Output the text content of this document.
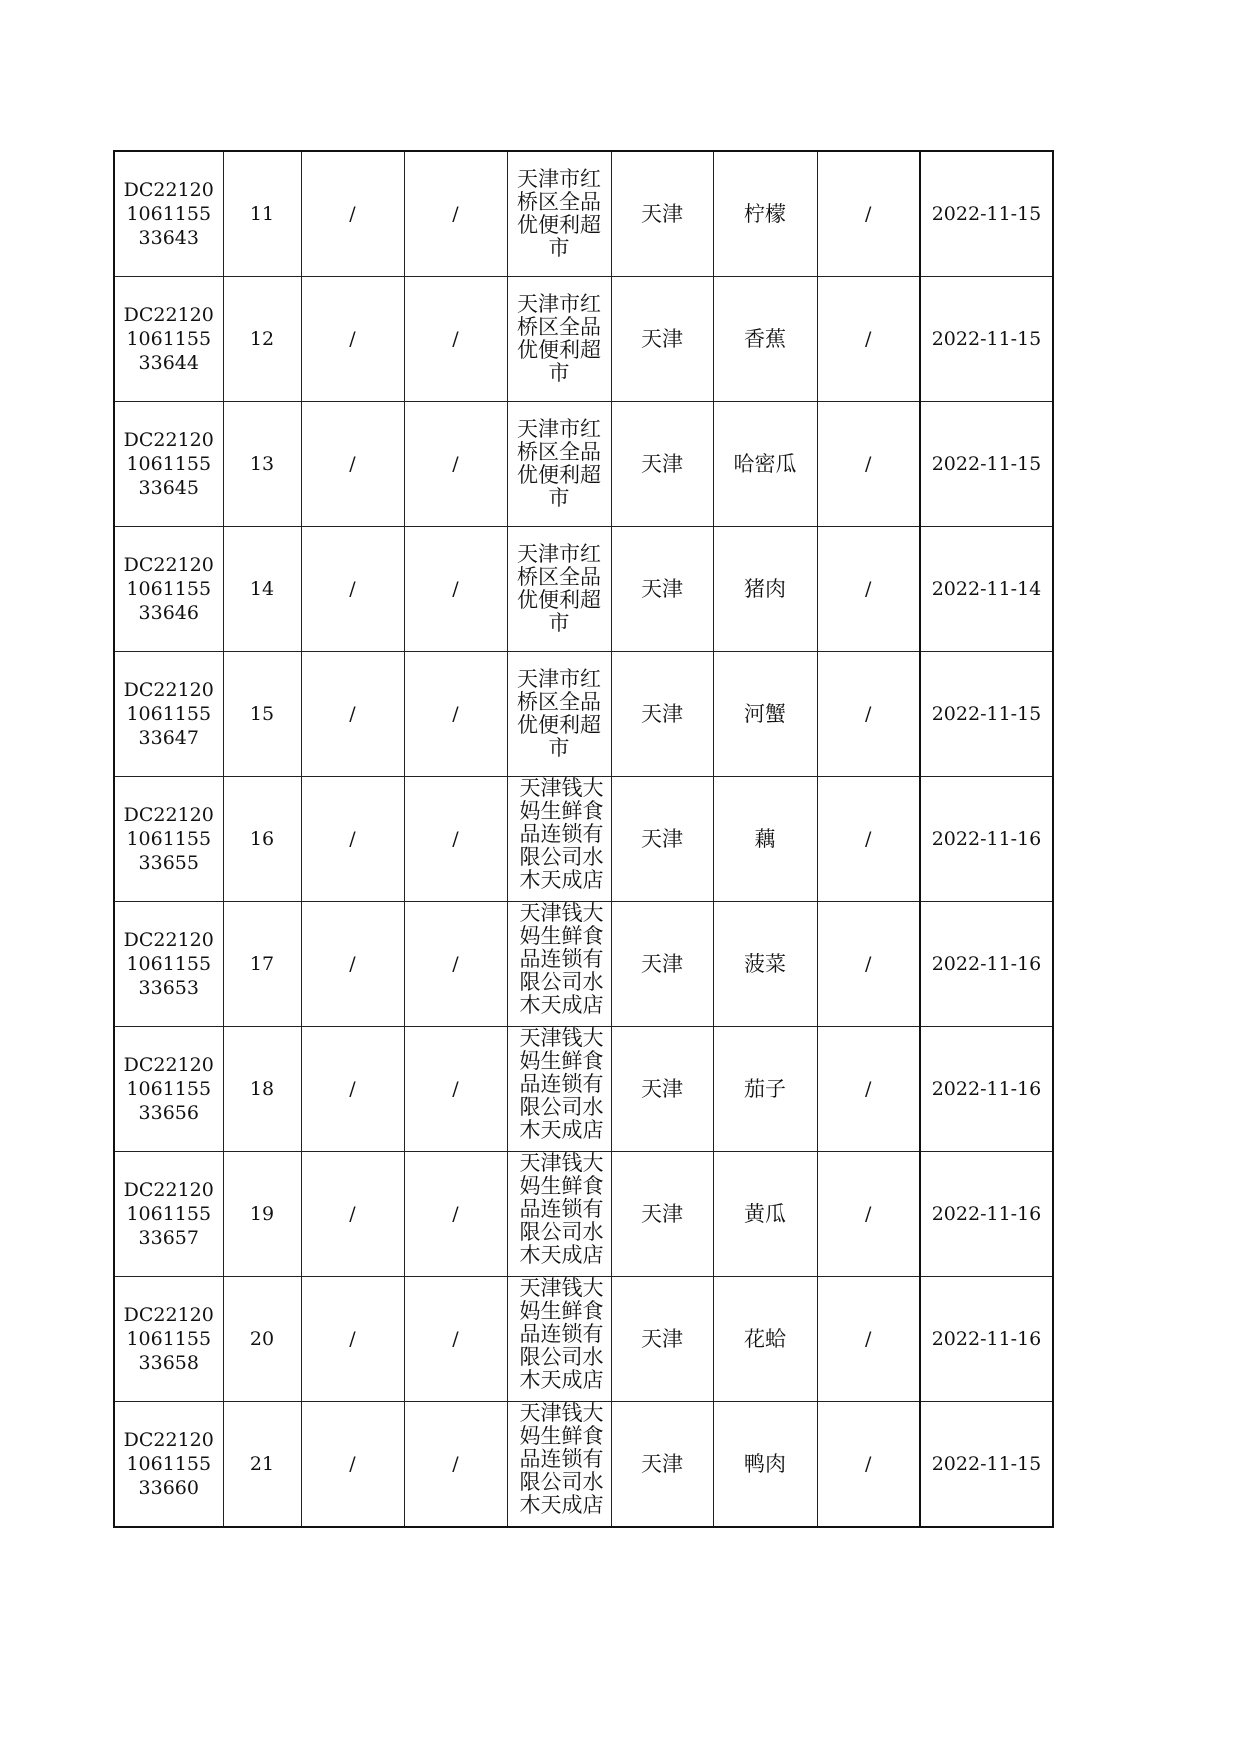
DC22120106115533643	11	/	/	天津市红桥区全品优便利超市	天津	柠檬	/	2022-11-15
DC22120106115533644	12	/	/	天津市红桥区全品优便利超市	天津	香蕉	/	2022-11-15
DC22120106115533645	13	/	/	天津市红桥区全品优便利超市	天津	哈密瓜	/	2022-11-15
DC22120106115533646	14	/	/	天津市红桥区全品优便利超市	天津	猪肉	/	2022-11-14
DC22120106115533647	15	/	/	天津市红桥区全品优便利超市	天津	河蟹	/	2022-11-15
DC22120106115533655	16	/	/	天津钱大妈生鲜食品连锁有限公司水木天成店	天津	藕	/	2022-11-16
DC22120106115533653	17	/	/	天津钱大妈生鲜食品连锁有限公司水木天成店	天津	菠菜	/	2022-11-16
DC22120106115533656	18	/	/	天津钱大妈生鲜食品连锁有限公司水木天成店	天津	茄子	/	2022-11-16
DC22120106115533657	19	/	/	天津钱大妈生鲜食品连锁有限公司水木天成店	天津	黄瓜	/	2022-11-16
DC22120106115533658	20	/	/	天津钱大妈生鲜食品连锁有限公司水木天成店	天津	花蛤	/	2022-11-16
DC22120106115533660	21	/	/	天津钱大妈生鲜食品连锁有限公司水木天成店	天津	鸭肉	/	2022-11-15
